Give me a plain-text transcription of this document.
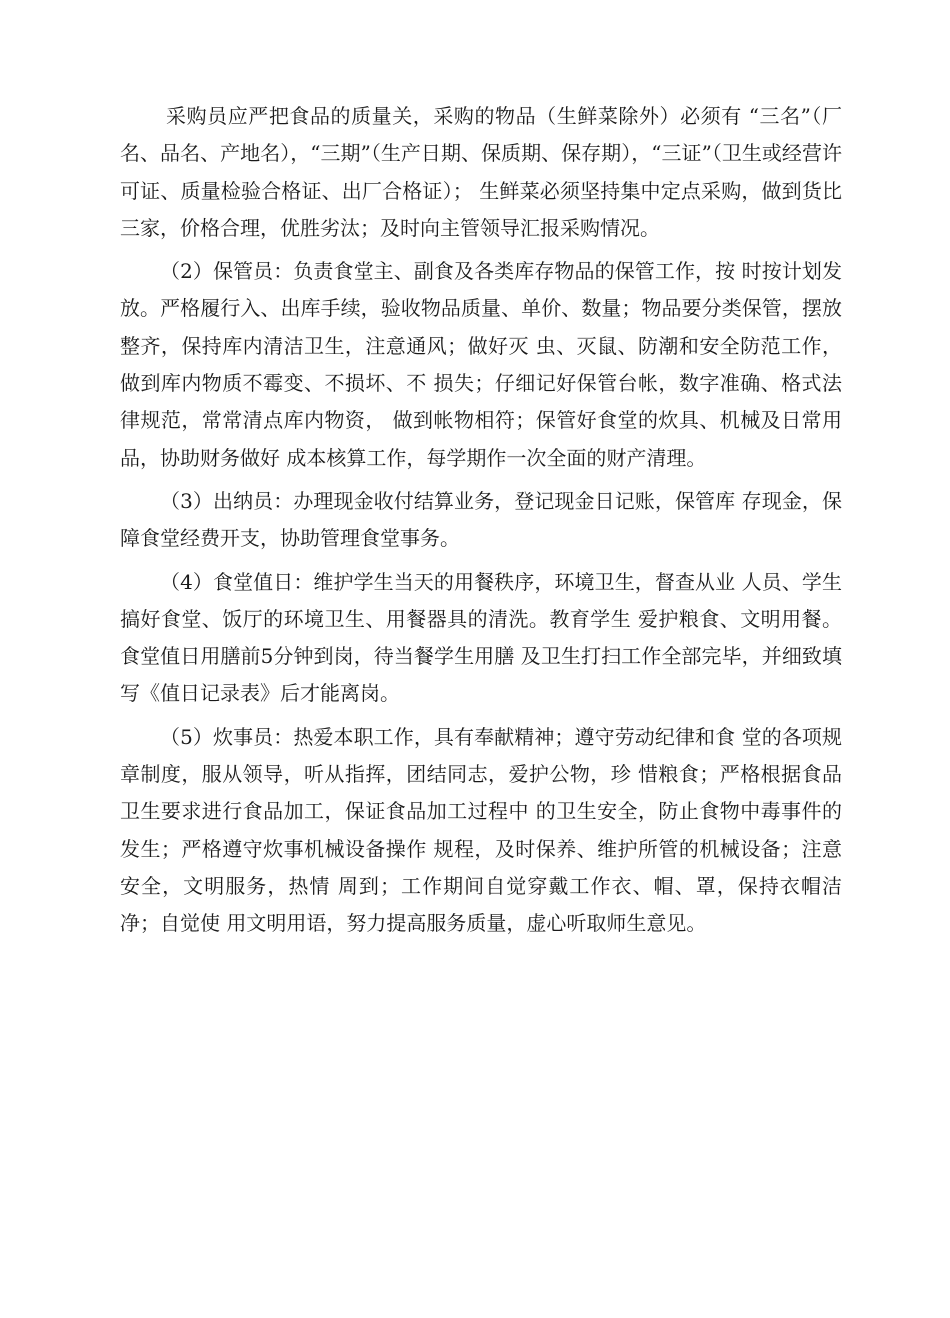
采购员应严把食品的质量关，采购的物品（生鲜菜除外）必须有 “三名”（厂名、品名、产地名），“三期”（生产日期、保质期、保存期），“三证”（卫生或经营许可证、质量检验合格证、出厂合格证）； 生鲜菜必须坚持集中定点采购，做到货比三家，价格合理，优胜劣汰；及时向主管领导汇报采购情况。

（2）保管员：负责食堂主、副食及各类库存物品的保管工作，按 时按计划发放。严格履行入、出库手续，验收物品质量、单价、数量；物品要分类保管，摆放整齐，保持库内清洁卫生，注意通风；做好灭 虫、灭鼠、防潮和安全防范工作，做到库内物质不霉变、不损坏、不 损失；仔细记好保管台帐，数字准确、格式法律规范，常常清点库内物资， 做到帐物相符；保管好食堂的炊具、机械及日常用品，协助财务做好 成本核算工作，每学期作一次全面的财产清理。

（3）出纳员：办理现金收付结算业务，登记现金日记账，保管库 存现金，保障食堂经费开支，协助管理食堂事务。

（4）食堂值日：维护学生当天的用餐秩序，环境卫生，督查从业 人员、学生搞好食堂、饭厅的环境卫生、用餐器具的清洗。教育学生 爱护粮食、文明用餐。食堂值日用膳前5分钟到岗，待当餐学生用膳 及卫生打扫工作全部完毕，并细致填写《值日记录表》后才能离岗。

（5）炊事员：热爱本职工作，具有奉献精神；遵守劳动纪律和食 堂的各项规章制度，服从领导，听从指挥，团结同志，爱护公物，珍 惜粮食；严格根据食品卫生要求进行食品加工，保证食品加工过程中 的卫生安全，防止食物中毒事件的发生；严格遵守炊事机械设备操作 规程，及时保养、维护所管的机械设备；注意安全，文明服务，热情 周到；工作期间自觉穿戴工作衣、帽、罩，保持衣帽洁净；自觉使 用文明用语，努力提高服务质量，虚心听取师生意见。
